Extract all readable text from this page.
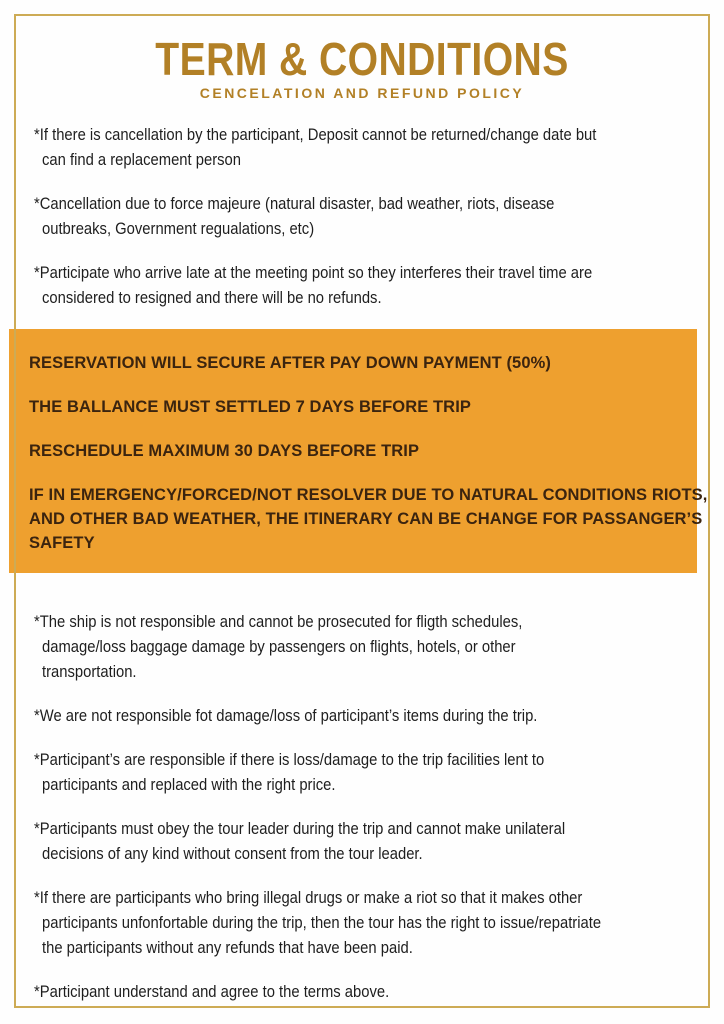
TERM & CONDITIONS
CENCELATION AND REFUND POLICY
*If there is cancellation by the participant, Deposit cannot be returned/change date but
can find a replacement person
*Cancellation due to force majeure (natural disaster, bad weather, riots, disease
outbreaks, Government regualations, etc)
*Participate who arrive late at the meeting point so they interferes their travel time are
considered to resigned and there will be no refunds.
RESERVATION WILL SECURE AFTER PAY DOWN PAYMENT (50%)
THE BALLANCE MUST SETTLED 7 DAYS BEFORE TRIP
RESCHEDULE MAXIMUM 30 DAYS BEFORE TRIP
IF IN EMERGENCY/FORCED/NOT RESOLVER DUE TO NATURAL CONDITIONS RIOTS,
AND OTHER BAD WEATHER, THE ITINERARY CAN BE CHANGE FOR PASSANGER’S
SAFETY
*The ship is not responsible and cannot be prosecuted for fligth schedules,
damage/loss baggage damage by passengers on flights, hotels, or other
transportation.
*We are not responsible fot damage/loss of participant’s items during the trip.
*Participant’s are responsible if there is loss/damage to the trip facilities lent to
participants and replaced with the right price.
*Participants must obey the tour leader during the trip and cannot make unilateral
decisions of any kind without consent from the tour leader.
*If there are participants who bring illegal drugs or make a riot so that it makes other
participants unfonfortable during the trip, then the tour has the right to issue/repatriate
the participants without any refunds that have been paid.
*Participant understand and agree to the terms above.
